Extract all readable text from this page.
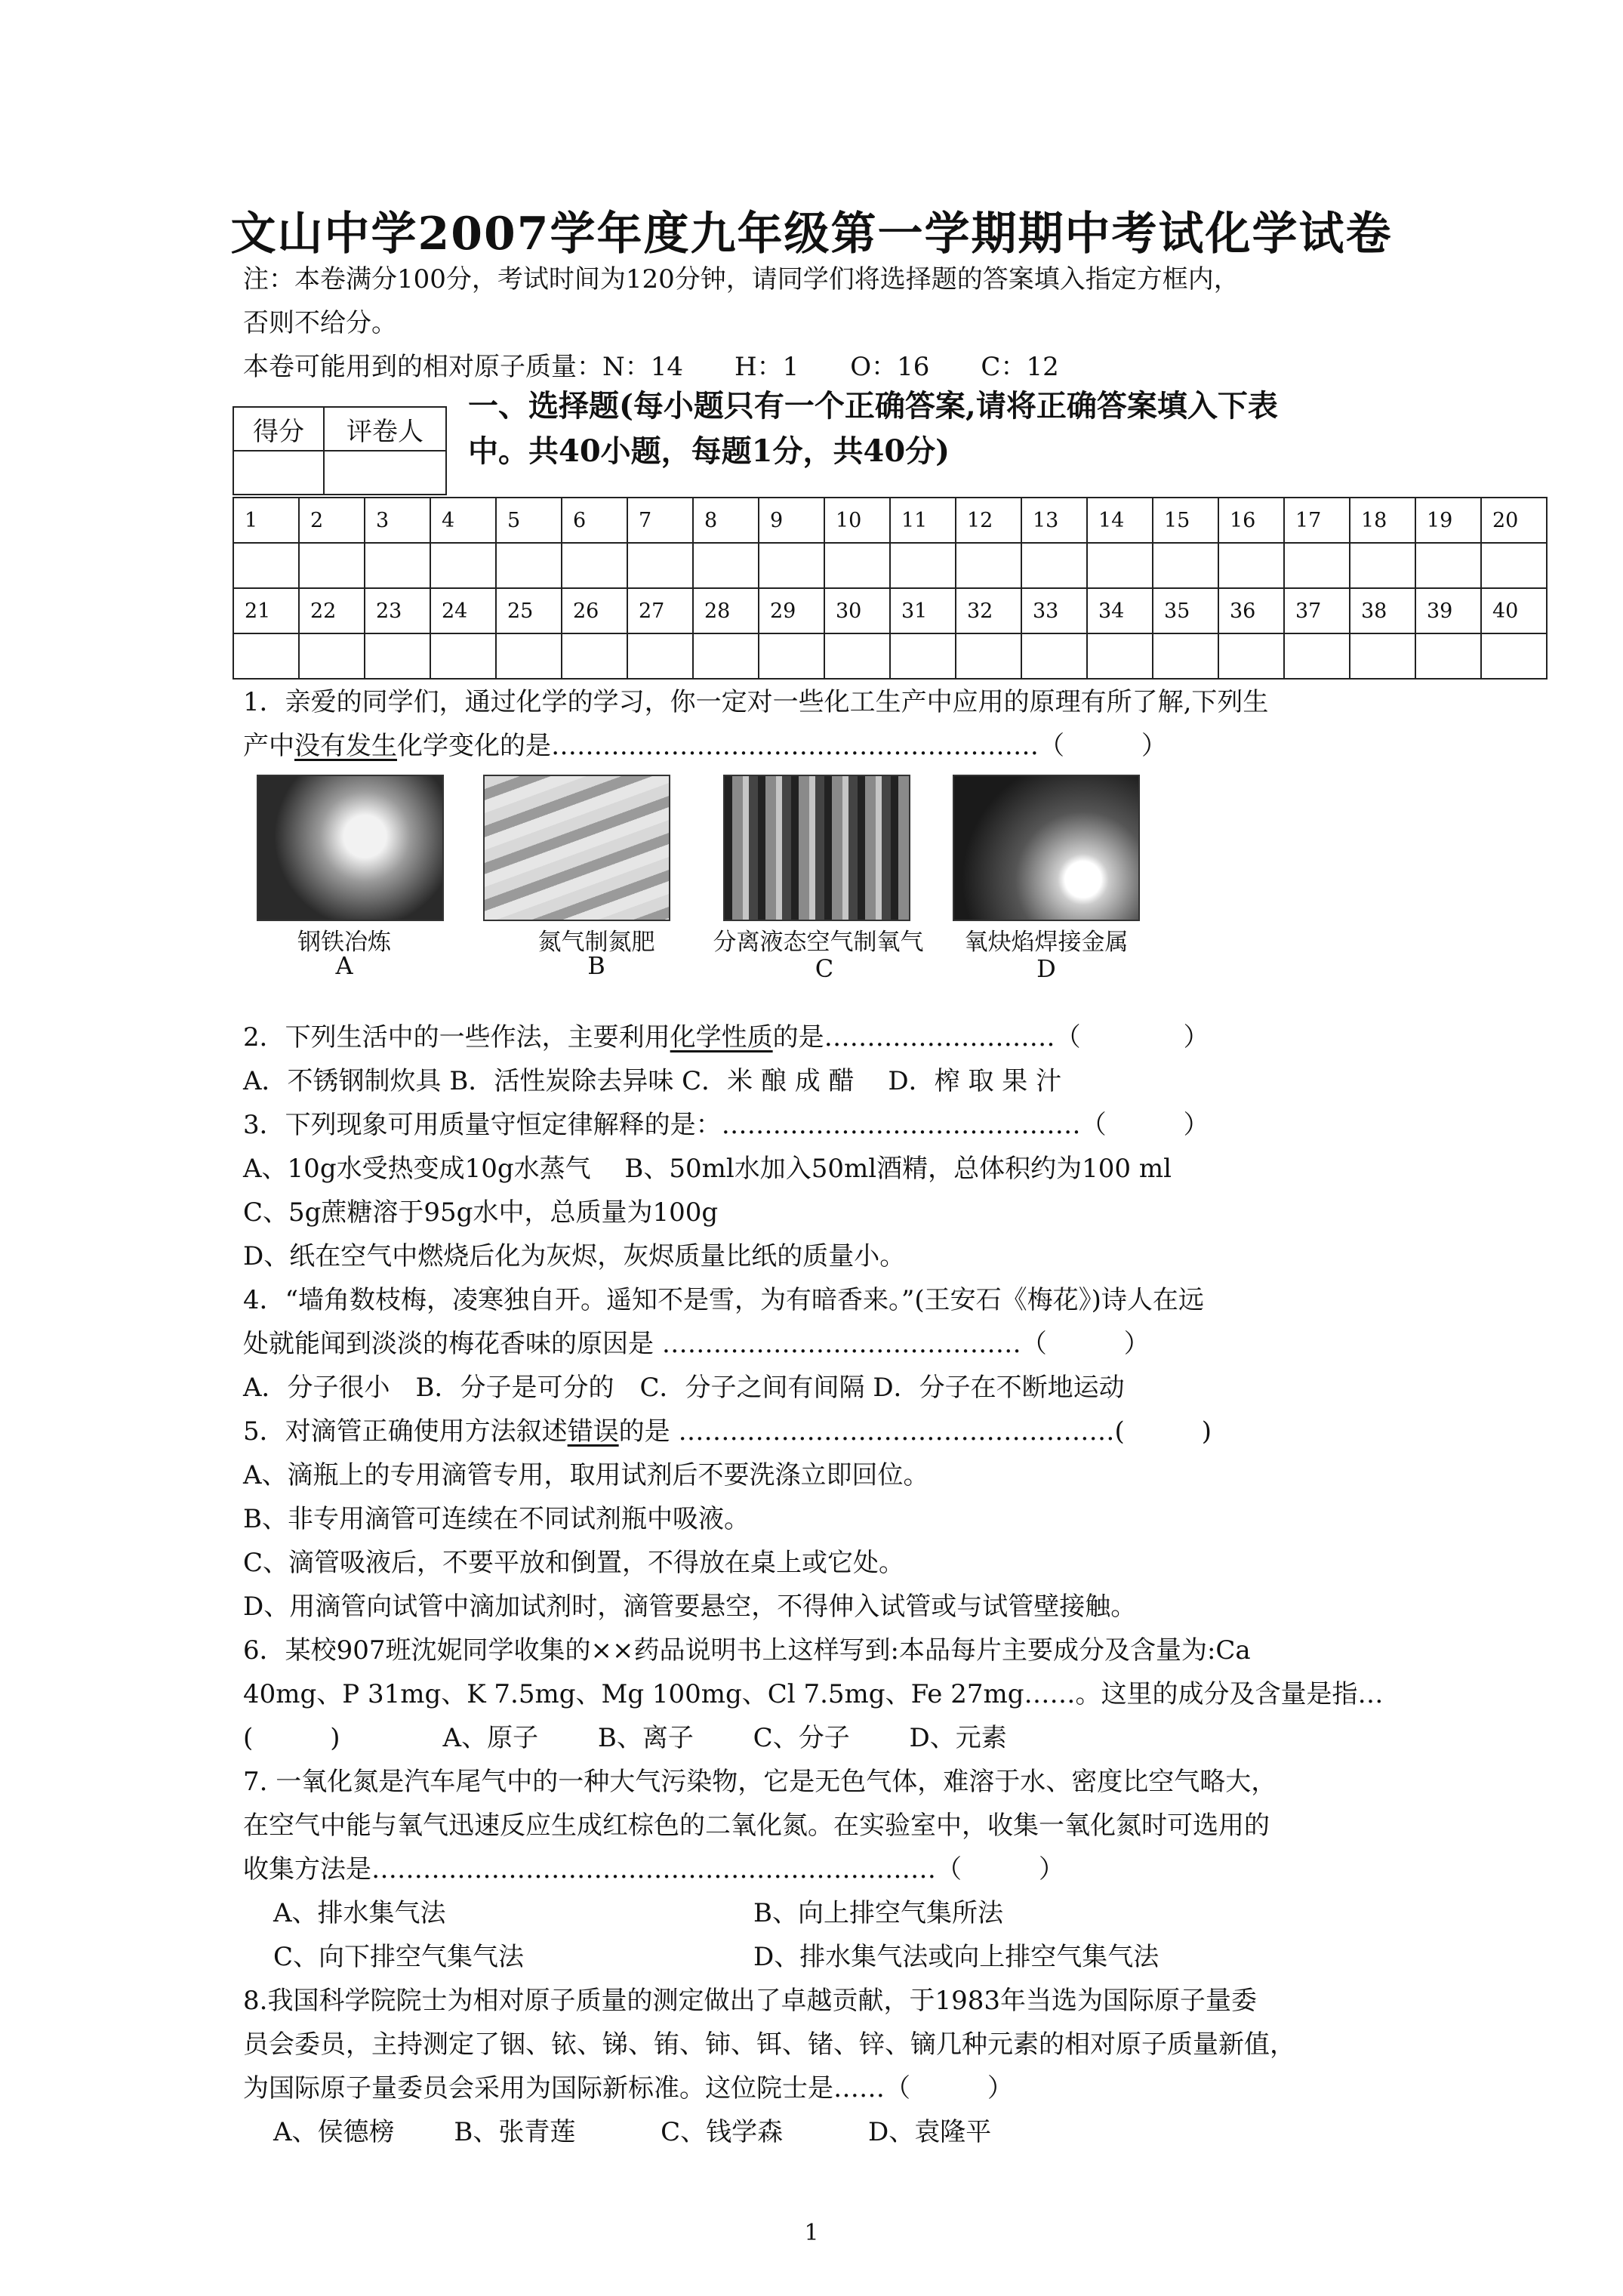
文山中学2007学年度九年级第一学期期中考试化学试卷
注：本卷满分100分，考试时间为120分钟，请同学们将选择题的答案填入指定方框内，
否则不给分。
本卷可能用到的相对原子质量：N：14　　H：1　　O：16　　C：12
得分	评卷人

一、选择题(每小题只有一个正确答案,请将正确答案填入下表
中。共40小题，每题1分，共40分)
1	2	3	4	5	6	7	8	9	10	11	12	13	14	15	16	17	18	19	20

21	22	23	24	25	26	27	28	29	30	31	32	33	34	35	36	37	38	39	40

1．亲爱的同学们，通过化学的学习，你一定对一些化工生产中应用的原理有所了解,下列生
产中没有发生化学变化的是…………………………………………………（　　　）
钢铁冶炼	氮气制氮肥	分离液态空气制氧气	氧炔焰焊接金属
A	B	C	D
2．下列生活中的一些作法，主要利用化学性质的是………………………（　　　　）
A．不锈钢制炊具 B．活性炭除去异味 C．米 酿 成 醋　 D．榨 取 果 汁
3．下列现象可用质量守恒定律解释的是：……………………………………（　　　）
A、10g水受热变成10g水蒸气　 B、50ml水加入50ml酒精，总体积约为100 ml
C、5g蔗糖溶于95g水中，总质量为100g
D、纸在空气中燃烧后化为灰烬，灰烬质量比纸的质量小。
4．“墙角数枝梅，凌寒独自开。遥知不是雪，为有暗香来。”(王安石《梅花》)诗人在远
处就能闻到淡淡的梅花香味的原因是 ……………………………………（　　　）
A．分子很小　B．分子是可分的　C．分子之间有间隔 D．分子在不断地运动
5．对滴管正确使用方法叙述错误的是 ……………………………………………(　　　)
A、滴瓶上的专用滴管专用，取用试剂后不要洗涤立即回位。
B、非专用滴管可连续在不同试剂瓶中吸液。
C、滴管吸液后，不要平放和倒置，不得放在桌上或它处。
D、用滴管向试管中滴加试剂时，滴管要悬空，不得伸入试管或与试管壁接触。
6．某校907班沈妮同学收集的××药品说明书上这样写到:本品每片主要成分及含量为:Ca
40mg、P 31mg、K 7.5mg、Mg 100mg、Cl 7.5mg、Fe 27mg……。这里的成分及含量是指…
(　　　)　　　　A、原子　　 B、离子　　 C、分子　　 D、元素
7. 一氧化氮是汽车尾气中的一种大气污染物，它是无色气体，难溶于水、密度比空气略大，
在空气中能与氧气迅速反应生成红棕色的二氧化氮。在实验室中，收集一氧化氮时可选用的
收集方法是…………………………………………………………（　　　）
A、排水集气法	B、向上排空气集所法
C、向下排空气集气法	D、排水集气法或向上排空气集气法
8.我国科学院院士为相对原子质量的测定做出了卓越贡献，于1983年当选为国际原子量委
员会委员，主持测定了铟、铱、锑、铕、铈、铒、锗、锌、镝几种元素的相对原子质量新值，
为国际原子量委员会采用为国际新标准。这位院士是……（　　　）
A、侯德榜　　 B、张青莲　　　 C、钱学森　　　 D、袁隆平
1
